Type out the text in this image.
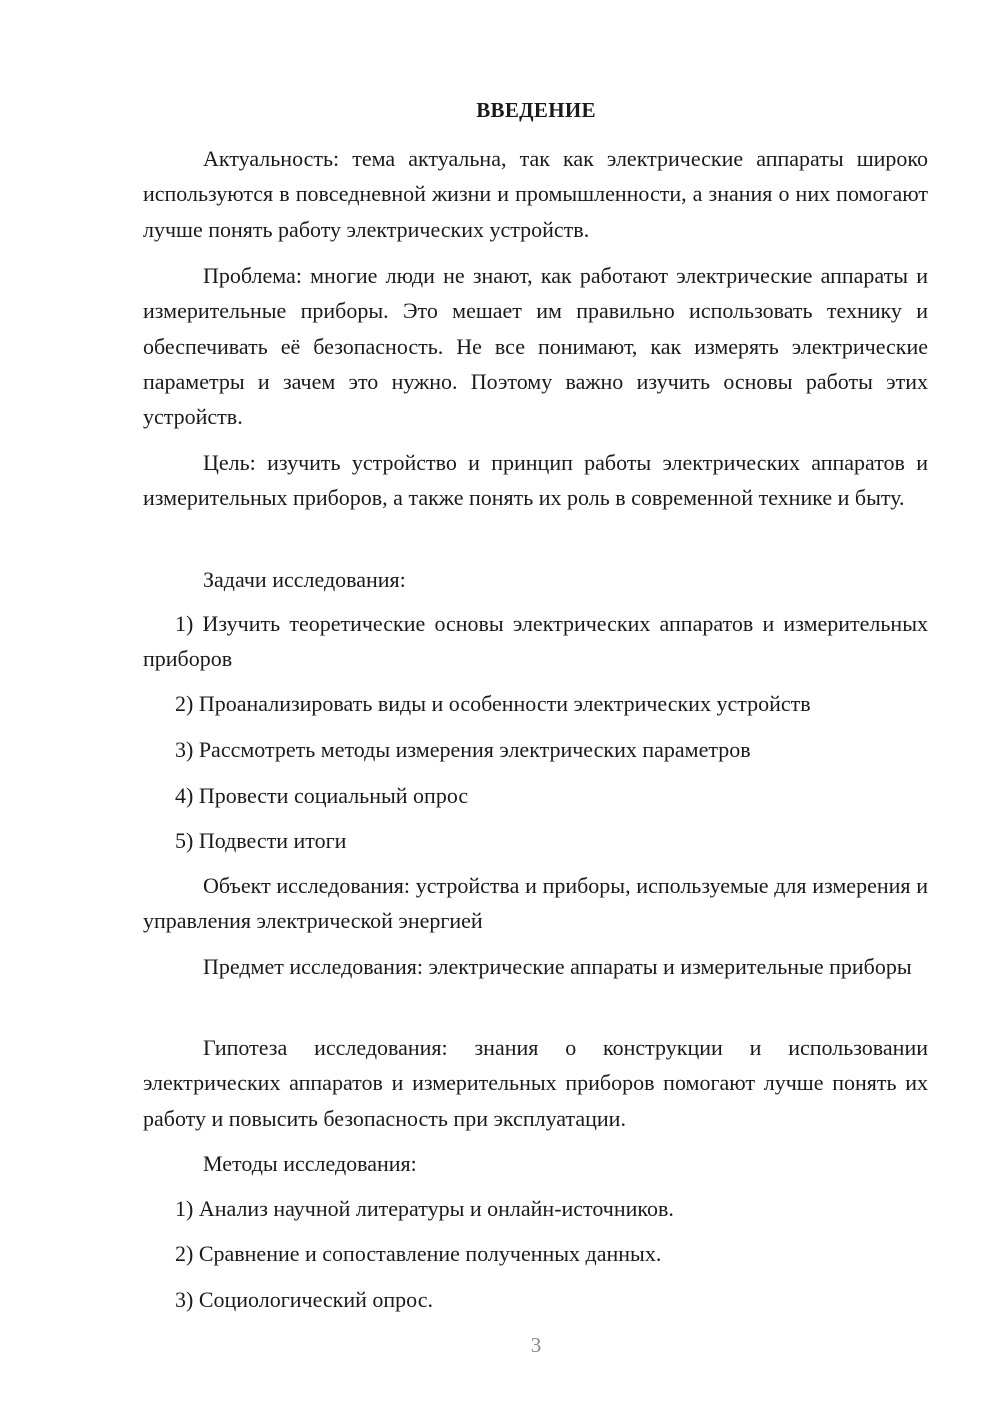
ВВЕДЕНИЕ

Актуальность: тема актуальна, так как электрические аппараты широко используются в повседневной жизни и промышленности, а знания о них помогают лучше понять работу электрических устройств.

Проблема: многие люди не знают, как работают электрические аппараты и измерительные приборы. Это мешает им правильно использовать технику и обеспечивать её безопасность. Не все понимают, как измерять электрические параметры и зачем это нужно. Поэтому важно изучить основы работы этих устройств.

Цель: изучить устройство и принцип работы электрических аппаратов и измерительных приборов, а также понять их роль в современной технике и быту.

Задачи исследования:

1) Изучить теоретические основы электрических аппаратов и измерительных приборов

2) Проанализировать виды и особенности электрических устройств

3) Рассмотреть методы измерения электрических параметров

4) Провести социальный опрос

5) Подвести итоги

Объект исследования: устройства и приборы, используемые для измерения и управления электрической энергией

Предмет исследования: электрические аппараты и измерительные приборы

Гипотеза исследования: знания о конструкции и использовании электрических аппаратов и измерительных приборов помогают лучше понять их работу и повысить безопасность при эксплуатации.

Методы исследования:

1) Анализ научной литературы и онлайн-источников.

2) Сравнение и сопоставление полученных данных.

3) Социологический опрос.

3
